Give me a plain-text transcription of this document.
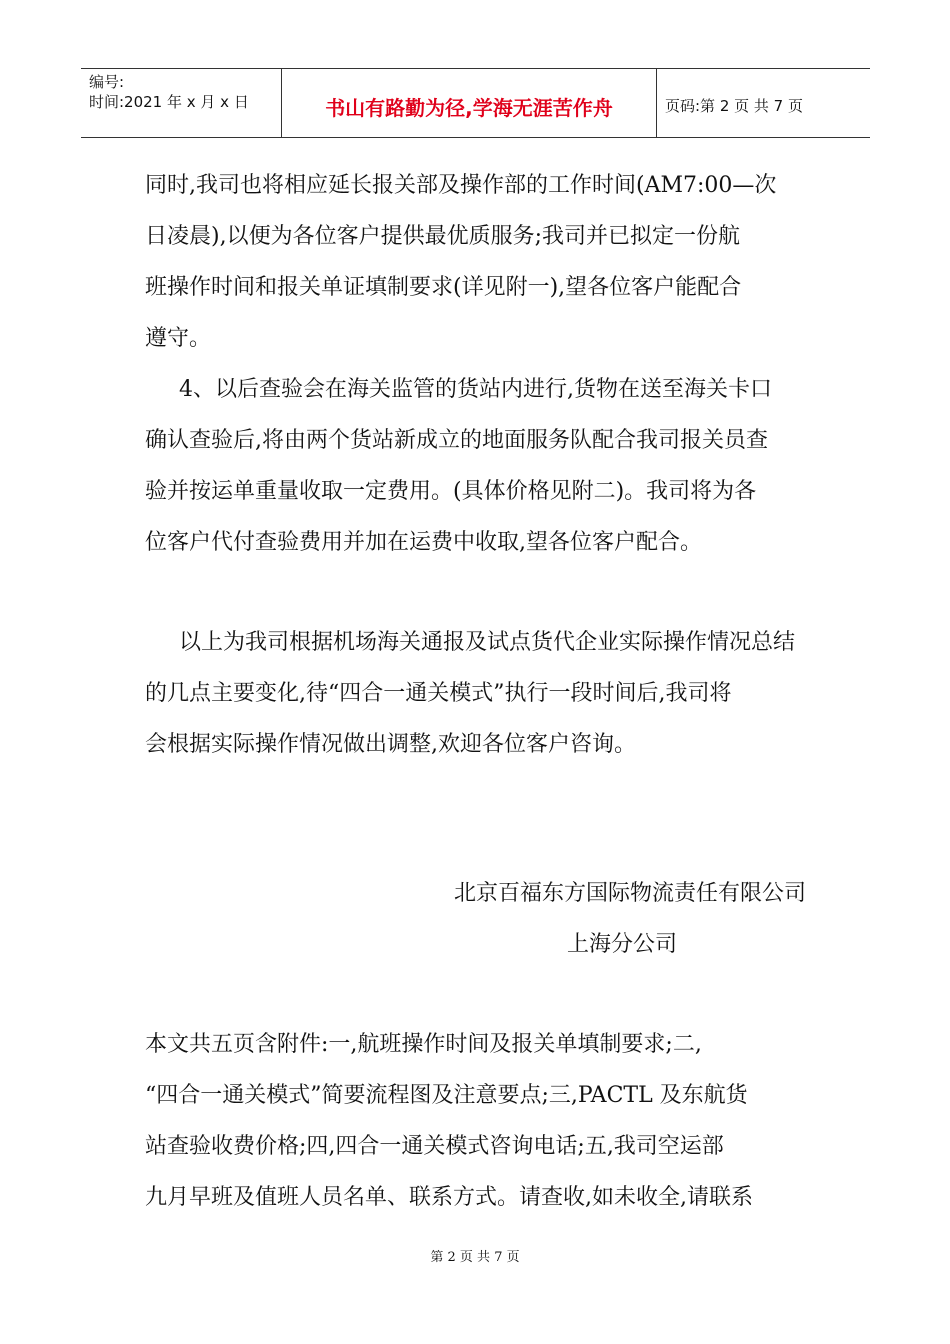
编号:
时间:2021 年 x 月 x 日	书山有路勤为径,学海无涯苦作舟	页码:第 2 页 共 7 页
同时,我司也将相应延长报关部及操作部的工作时间(AM7:00—次
日凌晨),以便为各位客户提供最优质服务;我司并已拟定一份航
班操作时间和报关单证填制要求(详见附一),望各位客户能配合
遵守。
4、以后查验会在海关监管的货站内进行,货物在送至海关卡口
确认查验后,将由两个货站新成立的地面服务队配合我司报关员查
验并按运单重量收取一定费用。(具体价格见附二)。我司将为各
位客户代付查验费用并加在运费中收取,望各位客户配合。
以上为我司根据机场海关通报及试点货代企业实际操作情况总结
的几点主要变化,待“四合一通关模式”执行一段时间后,我司将
会根据实际操作情况做出调整,欢迎各位客户咨询。
北京百福东方国际物流责任有限公司
上海分公司
本文共五页含附件:一,航班操作时间及报关单填制要求;二,
“四合一通关模式”简要流程图及注意要点;三,PACTL 及东航货
站查验收费价格;四,四合一通关模式咨询电话;五,我司空运部
九月早班及值班人员名单、联系方式。请查收,如未收全,请联系
第 2 页 共 7 页
